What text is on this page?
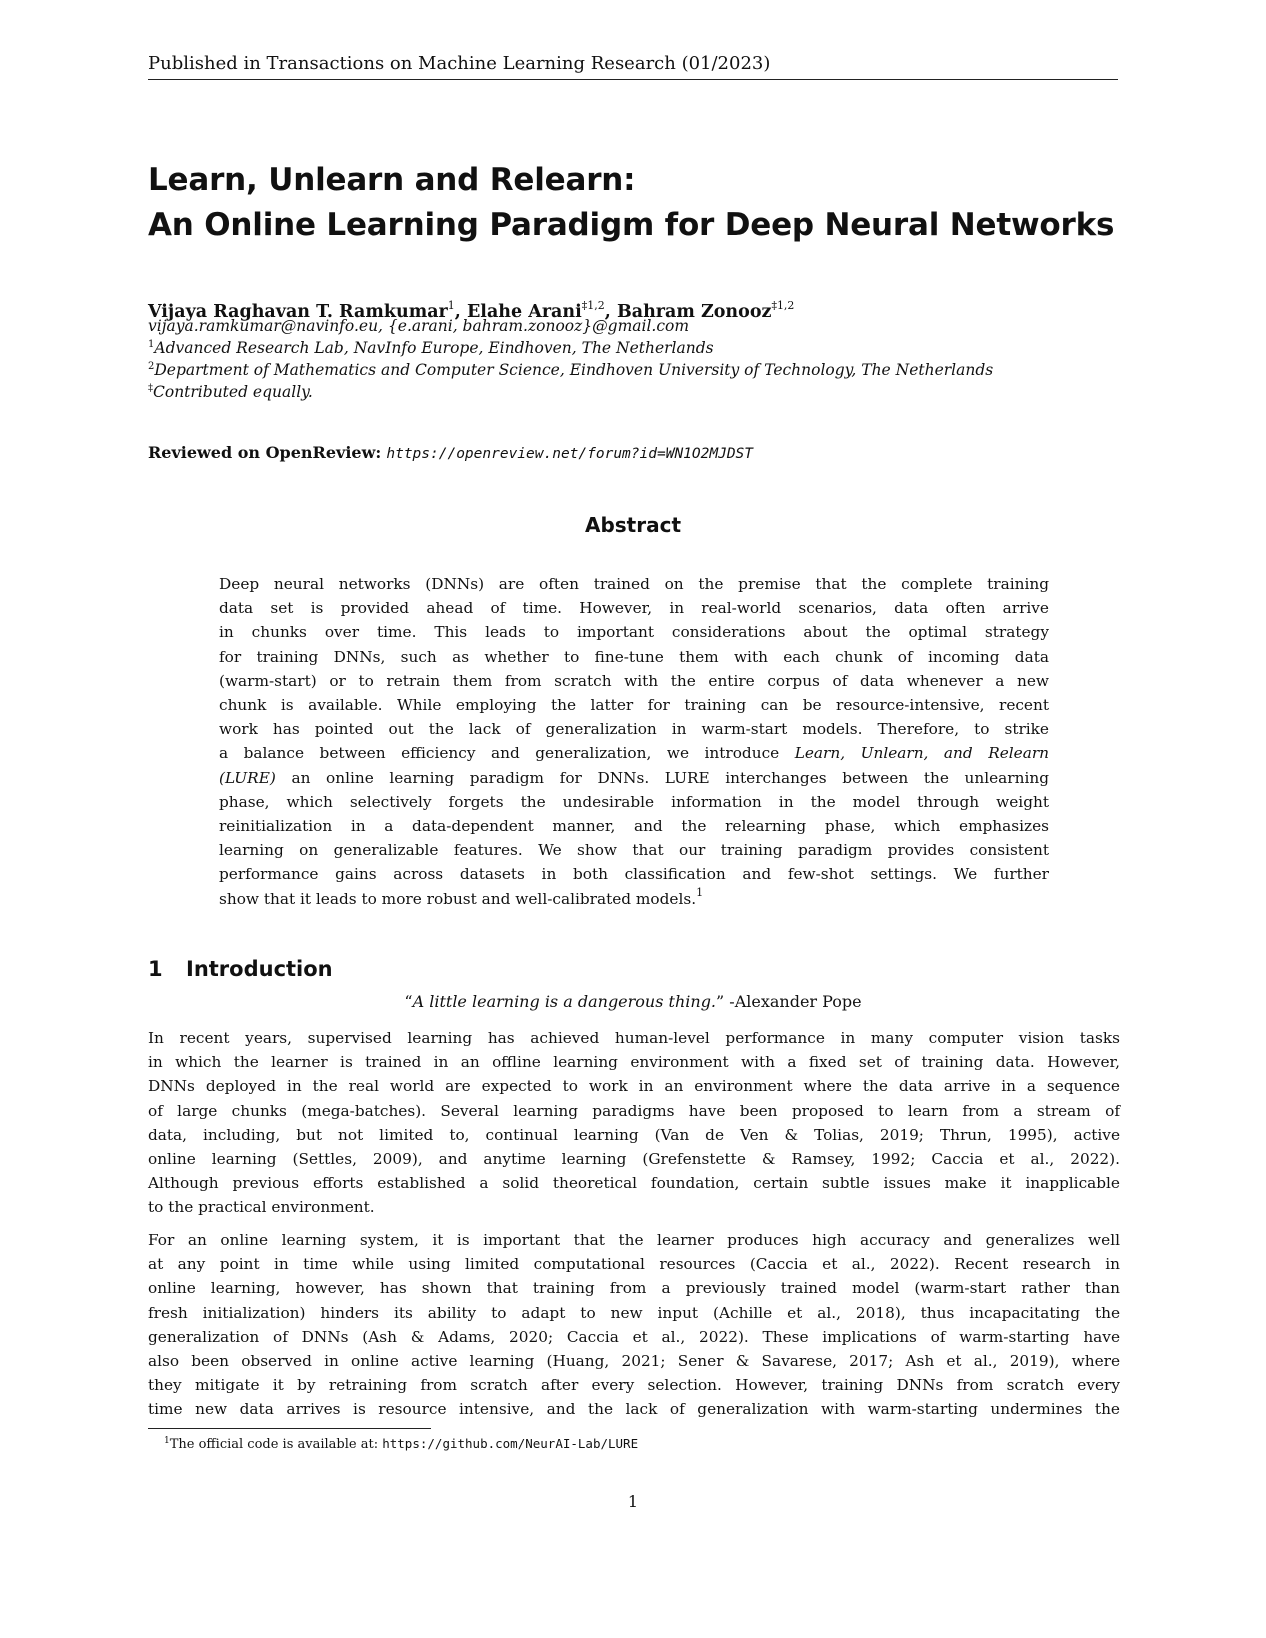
Published in Transactions on Machine Learning Research (01/2023)
Learn, Unlearn and Relearn:
An Online Learning Paradigm for Deep Neural Networks
Vijaya Raghavan T. Ramkumar$^1$, Elahe Arani$^{\ddagger 1,2}$, Bahram Zonooz$^{\ddagger 1,2}$
vijaya.ramkumar@navinfo.eu, {e.arani, bahram.zonooz}@gmail.com
$^1$Advanced Research Lab, NavInfo Europe, Eindhoven, The Netherlands
$^2$Department of Mathematics and Computer Science, Eindhoven University of Technology, The Netherlands
‡Contributed equally.
Reviewed on OpenReview: https://openreview.net/forum?id=WN1O2MJDST
Abstract
Deep neural networks (DNNs) are often trained on the premise that the complete training
data set is provided ahead of time. However, in real-world scenarios, data often arrive
in chunks over time. This leads to important considerations about the optimal strategy
for training DNNs, such as whether to fine-tune them with each chunk of incoming data
(warm-start) or to retrain them from scratch with the entire corpus of data whenever a new
chunk is available. While employing the latter for training can be resource-intensive, recent
work has pointed out the lack of generalization in warm-start models. Therefore, to strike
a balance between efficiency and generalization, we introduce Learn, Unlearn, and Relearn
(LURE) an online learning paradigm for DNNs. LURE interchanges between the unlearning
phase, which selectively forgets the undesirable information in the model through weight
reinitialization in a data-dependent manner, and the relearning phase, which emphasizes
learning on generalizable features. We show that our training paradigm provides consistent
performance gains across datasets in both classification and few-shot settings. We further
show that it leads to more robust and well-calibrated models.$^1$
1 Introduction
“A little learning is a dangerous thing.” -Alexander Pope
In recent years, supervised learning has achieved human-level performance in many computer vision tasks
in which the learner is trained in an offline learning environment with a fixed set of training data. However,
DNNs deployed in the real world are expected to work in an environment where the data arrive in a sequence
of large chunks (mega-batches). Several learning paradigms have been proposed to learn from a stream of
data, including, but not limited to, continual learning (Van de Ven & Tolias, 2019; Thrun, 1995), active
online learning (Settles, 2009), and anytime learning (Grefenstette & Ramsey, 1992; Caccia et al., 2022).
Although previous efforts established a solid theoretical foundation, certain subtle issues make it inapplicable
to the practical environment.
For an online learning system, it is important that the learner produces high accuracy and generalizes well
at any point in time while using limited computational resources (Caccia et al., 2022). Recent research in
online learning, however, has shown that training from a previously trained model (warm-start rather than
fresh initialization) hinders its ability to adapt to new input (Achille et al., 2018), thus incapacitating the
generalization of DNNs (Ash & Adams, 2020; Caccia et al., 2022). These implications of warm-starting have
also been observed in online active learning (Huang, 2021; Sener & Savarese, 2017; Ash et al., 2019), where
they mitigate it by retraining from scratch after every selection. However, training DNNs from scratch every
time new data arrives is resource intensive, and the lack of generalization with warm-starting undermines the
$^1$The official code is available at: https://github.com/NeurAI-Lab/LURE
1
